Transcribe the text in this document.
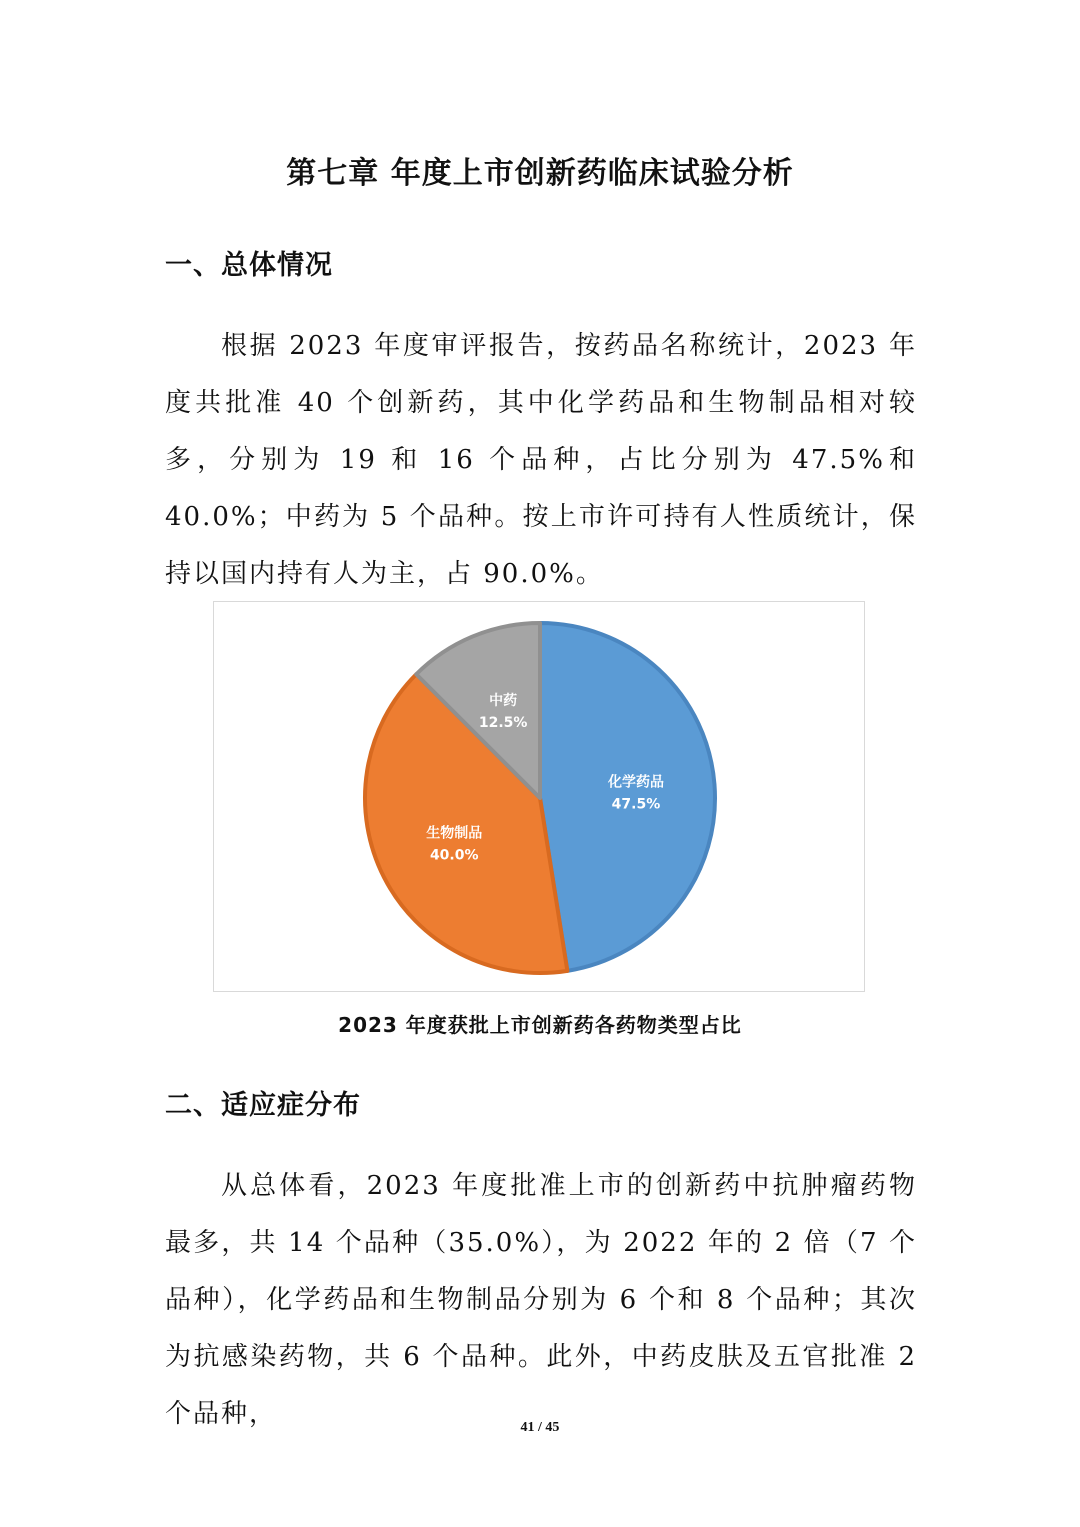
第七章 年度上市创新药临床试验分析
一、总体情况

根据 2023 年度审评报告，按药品名称统计，2023 年度共批准 40 个创新药，其中化学药品和生物制品相对较多，分别为 19 和 16 个品种，占比分别为 47.5%和 40.0%；中药为 5 个品种。按上市许可持有人性质统计，保持以国内持有人为主，占 90.0%。

化学药品
47.5%
生物制品
40.0%
中药
12.5%

2023 年度获批上市创新药各药物类型占比

二、适应症分布

从总体看，2023 年度批准上市的创新药中抗肿瘤药物最多，共 14 个品种（35.0%），为 2022 年的 2 倍（7 个品种），化学药品和生物制品分别为 6 个和 8 个品种；其次为抗感染药物，共 6 个品种。此外，中药皮肤及五官批准 2 个品种，	41 / 45
